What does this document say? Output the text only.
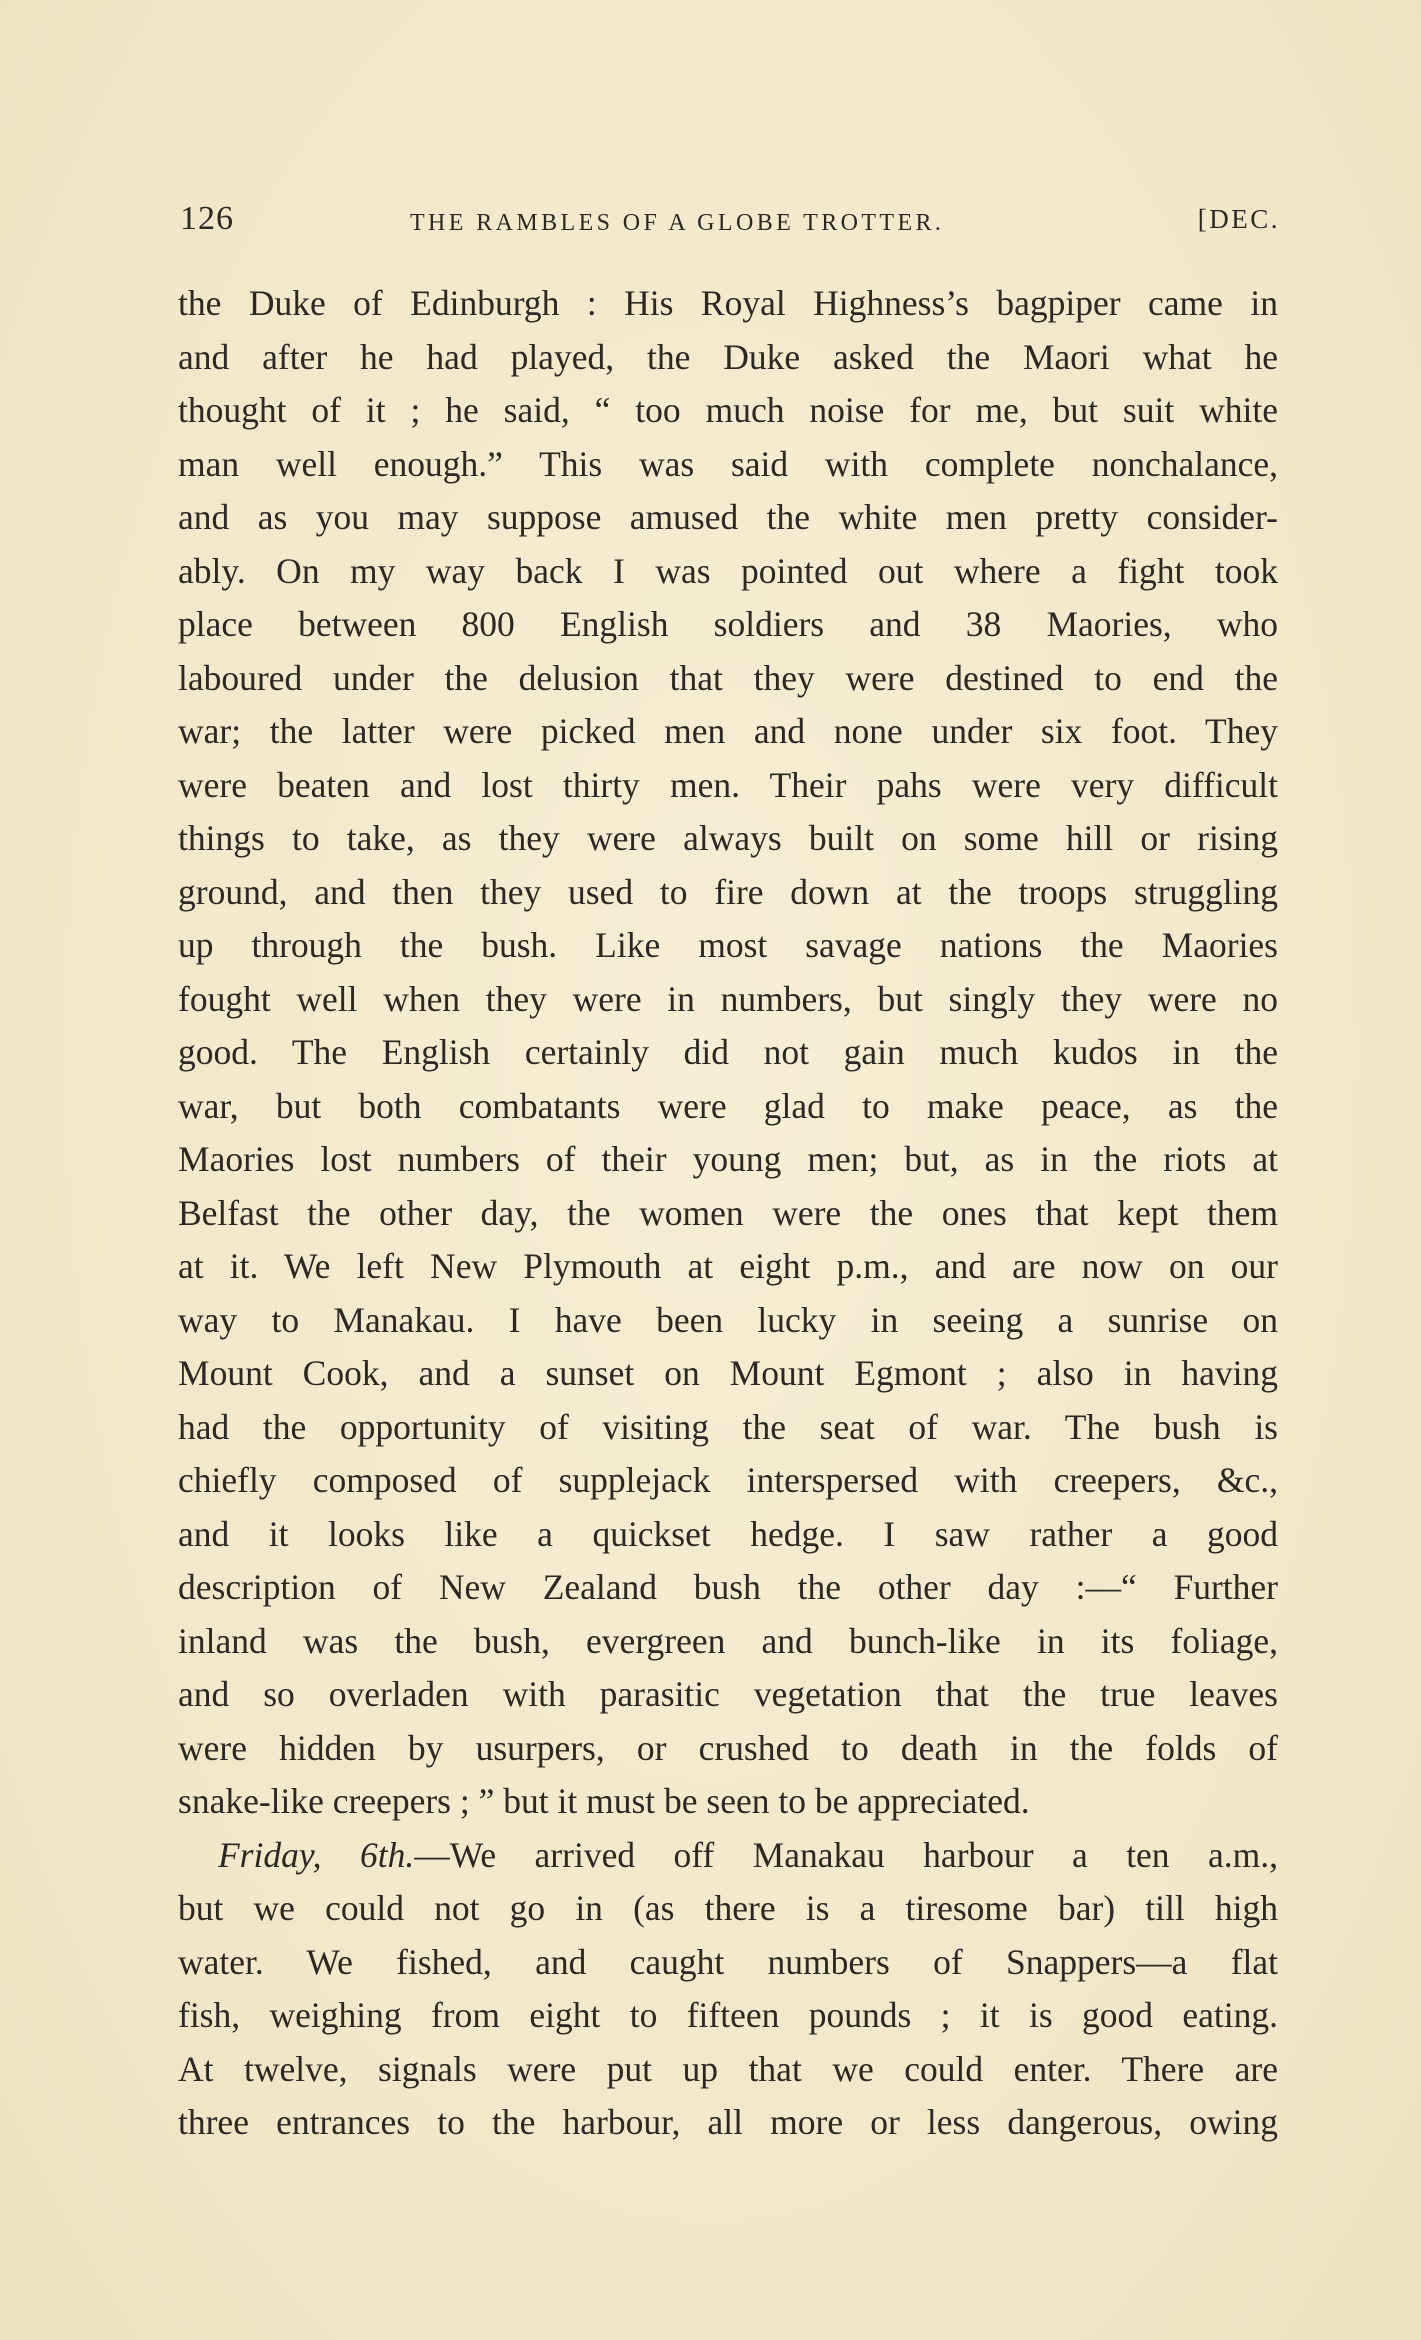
126	THE RAMBLES OF A GLOBE TROTTER.	[DEC.
the Duke of Edinburgh : His Royal Highness’s bagpiper came in
and after he had played, the Duke asked the Maori what he
thought of it ; he said, “ too much noise for me, but suit white
man well enough.” This was said with complete nonchalance,
and as you may suppose amused the white men pretty consider-
ably. On my way back I was pointed out where a fight took
place between 800 English soldiers and 38 Maories, who
laboured under the delusion that they were destined to end the
war; the latter were picked men and none under six foot. They
were beaten and lost thirty men. Their pahs were very difficult
things to take, as they were always built on some hill or rising
ground, and then they used to fire down at the troops struggling
up through the bush. Like most savage nations the Maories
fought well when they were in numbers, but singly they were no
good. The English certainly did not gain much kudos in the
war, but both combatants were glad to make peace, as the
Maories lost numbers of their young men; but, as in the riots at
Belfast the other day, the women were the ones that kept them
at it. We left New Plymouth at eight p.m., and are now on our
way to Manakau. I have been lucky in seeing a sunrise on
Mount Cook, and a sunset on Mount Egmont ; also in having
had the opportunity of visiting the seat of war. The bush is
chiefly composed of supplejack interspersed with creepers, &c.,
and it looks like a quickset hedge. I saw rather a good
description of New Zealand bush the other day :—“ Further
inland was the bush, evergreen and bunch-like in its foliage,
and so overladen with parasitic vegetation that the true leaves
were hidden by usurpers, or crushed to death in the folds of
snake-like creepers ; ” but it must be seen to be appreciated.
Friday, 6th.—We arrived off Manakau harbour a ten a.m.,
but we could not go in (as there is a tiresome bar) till high
water. We fished, and caught numbers of Snappers—a flat
fish, weighing from eight to fifteen pounds ; it is good eating.
At twelve, signals were put up that we could enter. There are
three entrances to the harbour, all more or less dangerous, owing
